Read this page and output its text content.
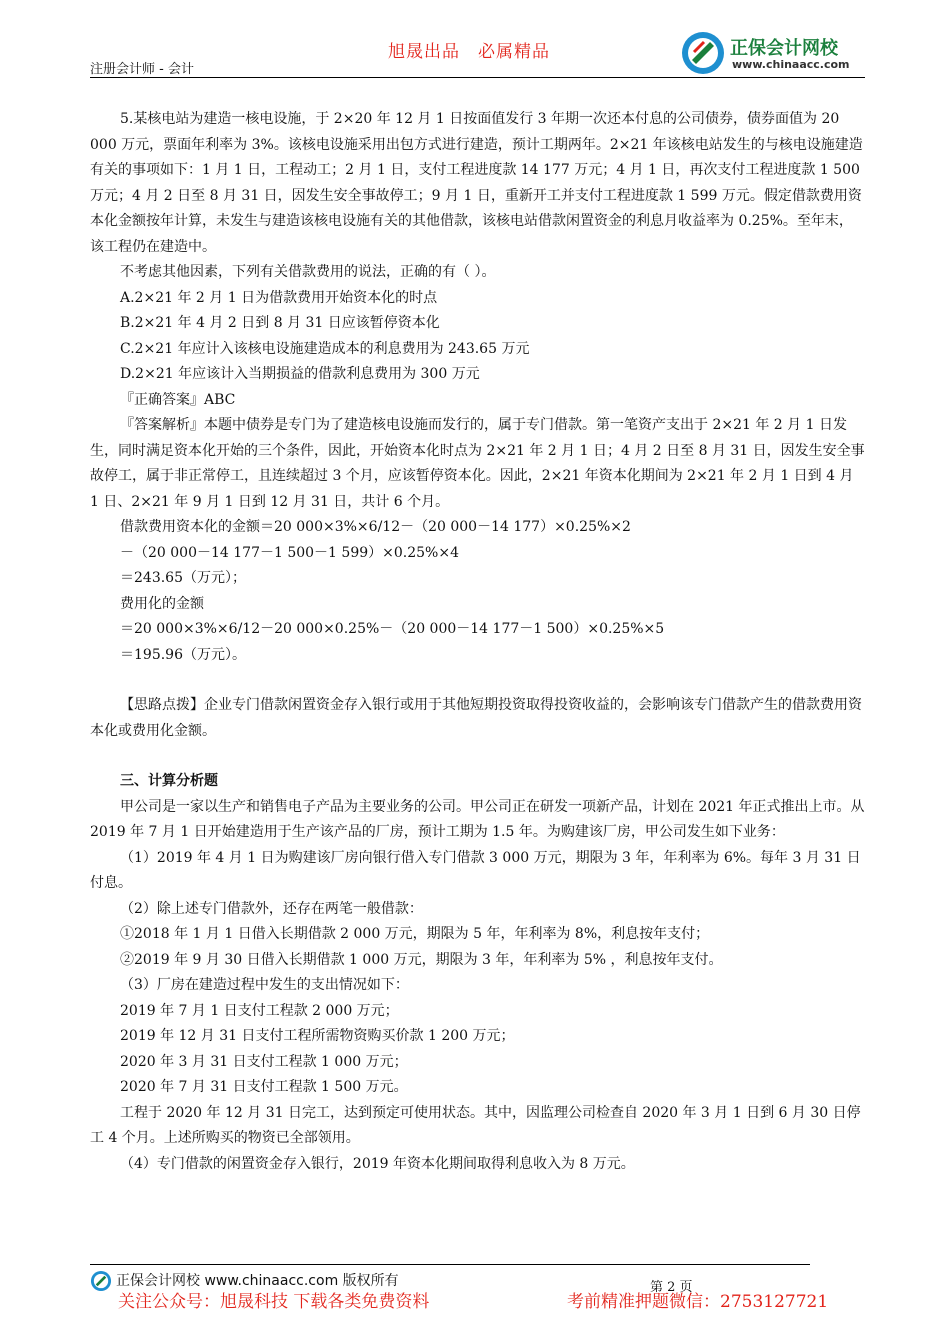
注册会计师 - 会计
旭晟出品 必属精品	正保会计网校
www.chinaacc.com

5.某核电站为建造一核电设施，于 2×20 年 12 月 1 日按面值发行 3 年期一次还本付息的公司债券，债券面值为 20 000 万元，票面年利率为 3%。该核电设施采用出包方式进行建造，预计工期两年。2×21 年该核电站发生的与核电设施建造有关的事项如下：1 月 1 日，工程动工；2 月 1 日，支付工程进度款 14 177 万元；4 月 1 日，再次支付工程进度款 1 500 万元；4 月 2 日至 8 月 31 日，因发生安全事故停工；9 月 1 日，重新开工并支付工程进度款 1 599 万元。假定借款费用资本化金额按年计算，未发生与建造该核电设施有关的其他借款，该核电站借款闲置资金的利息月收益率为 0.25%。至年末，该工程仍在建造中。

不考虑其他因素，下列有关借款费用的说法，正确的有（ ）。

A.2×21 年 2 月 1 日为借款费用开始资本化的时点

B.2×21 年 4 月 2 日到 8 月 31 日应该暂停资本化

C.2×21 年应计入该核电设施建造成本的利息费用为 243.65 万元

D.2×21 年应该计入当期损益的借款利息费用为 300 万元

『正确答案』ABC

『答案解析』本题中债券是专门为了建造核电设施而发行的，属于专门借款。第一笔资产支出于 2×21 年 2 月 1 日发生，同时满足资本化开始的三个条件，因此，开始资本化时点为 2×21 年 2 月 1 日；4 月 2 日至 8 月 31 日，因发生安全事故停工，属于非正常停工，且连续超过 3 个月，应该暂停资本化。因此，2×21 年资本化期间为 2×21 年 2 月 1 日到 4 月 1 日、2×21 年 9 月 1 日到 12 月 31 日，共计 6 个月。

借款费用资本化的金额＝20 000×3%×6/12－（20 000－14 177）×0.25%×2

－（20 000－14 177－1 500－1 599）×0.25%×4

＝243.65（万元）；

费用化的金额

＝20 000×3%×6/12－20 000×0.25%－（20 000－14 177－1 500）×0.25%×5

＝195.96（万元）。

【思路点拨】企业专门借款闲置资金存入银行或用于其他短期投资取得投资收益的，会影响该专门借款产生的借款费用资本化或费用化金额。

三、计算分析题

甲公司是一家以生产和销售电子产品为主要业务的公司。甲公司正在研发一项新产品，计划在 2021 年正式推出上市。从 2019 年 7 月 1 日开始建造用于生产该产品的厂房，预计工期为 1.5 年。为购建该厂房，甲公司发生如下业务：

（1）2019 年 4 月 1 日为购建该厂房向银行借入专门借款 3 000 万元，期限为 3 年，年利率为 6%。每年 3 月 31 日付息。

（2）除上述专门借款外，还存在两笔一般借款：

①2018 年 1 月 1 日借入长期借款 2 000 万元，期限为 5 年，年利率为 8%，利息按年支付；

②2019 年 9 月 30 日借入长期借款 1 000 万元，期限为 3 年，年利率为 5% ，利息按年支付。

（3）厂房在建造过程中发生的支出情况如下：

2019 年 7 月 1 日支付工程款 2 000 万元；

2019 年 12 月 31 日支付工程所需物资购买价款 1 200 万元；

2020 年 3 月 31 日支付工程款 1 000 万元；

2020 年 7 月 31 日支付工程款 1 500 万元。

工程于 2020 年 12 月 31 日完工，达到预定可使用状态。其中，因监理公司检查自 2020 年 3 月 1 日到 6 月 30 日停工 4 个月。上述所购买的物资已全部领用。

（4）专门借款的闲置资金存入银行，2019 年资本化期间取得利息收入为 8 万元。

正保会计网校 www.chinaacc.com 版权所有	第 2 页
关注公众号：旭晟科技 下载各类免费资料	考前精准押题微信：2753127721
